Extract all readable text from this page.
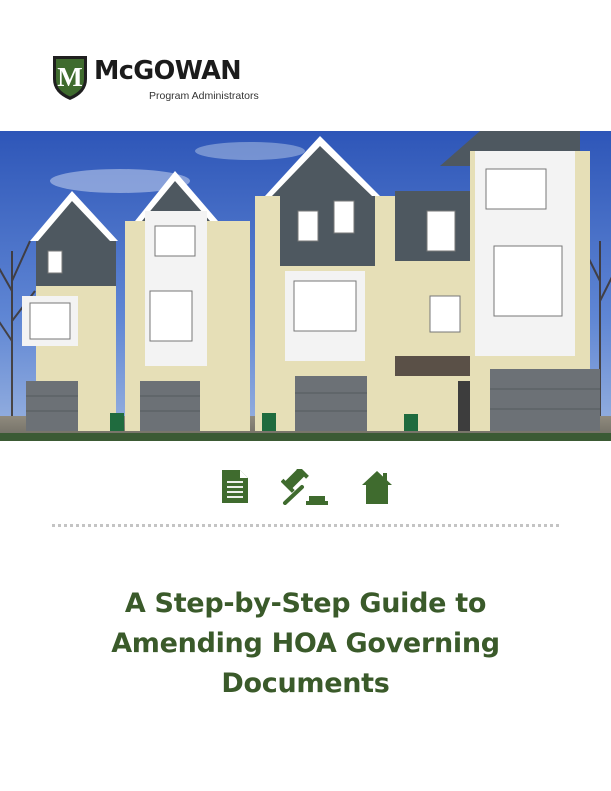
M McGOWAN
Program Administrators
A Step-by-Step Guide to
Amending HOA Governing
Documents
